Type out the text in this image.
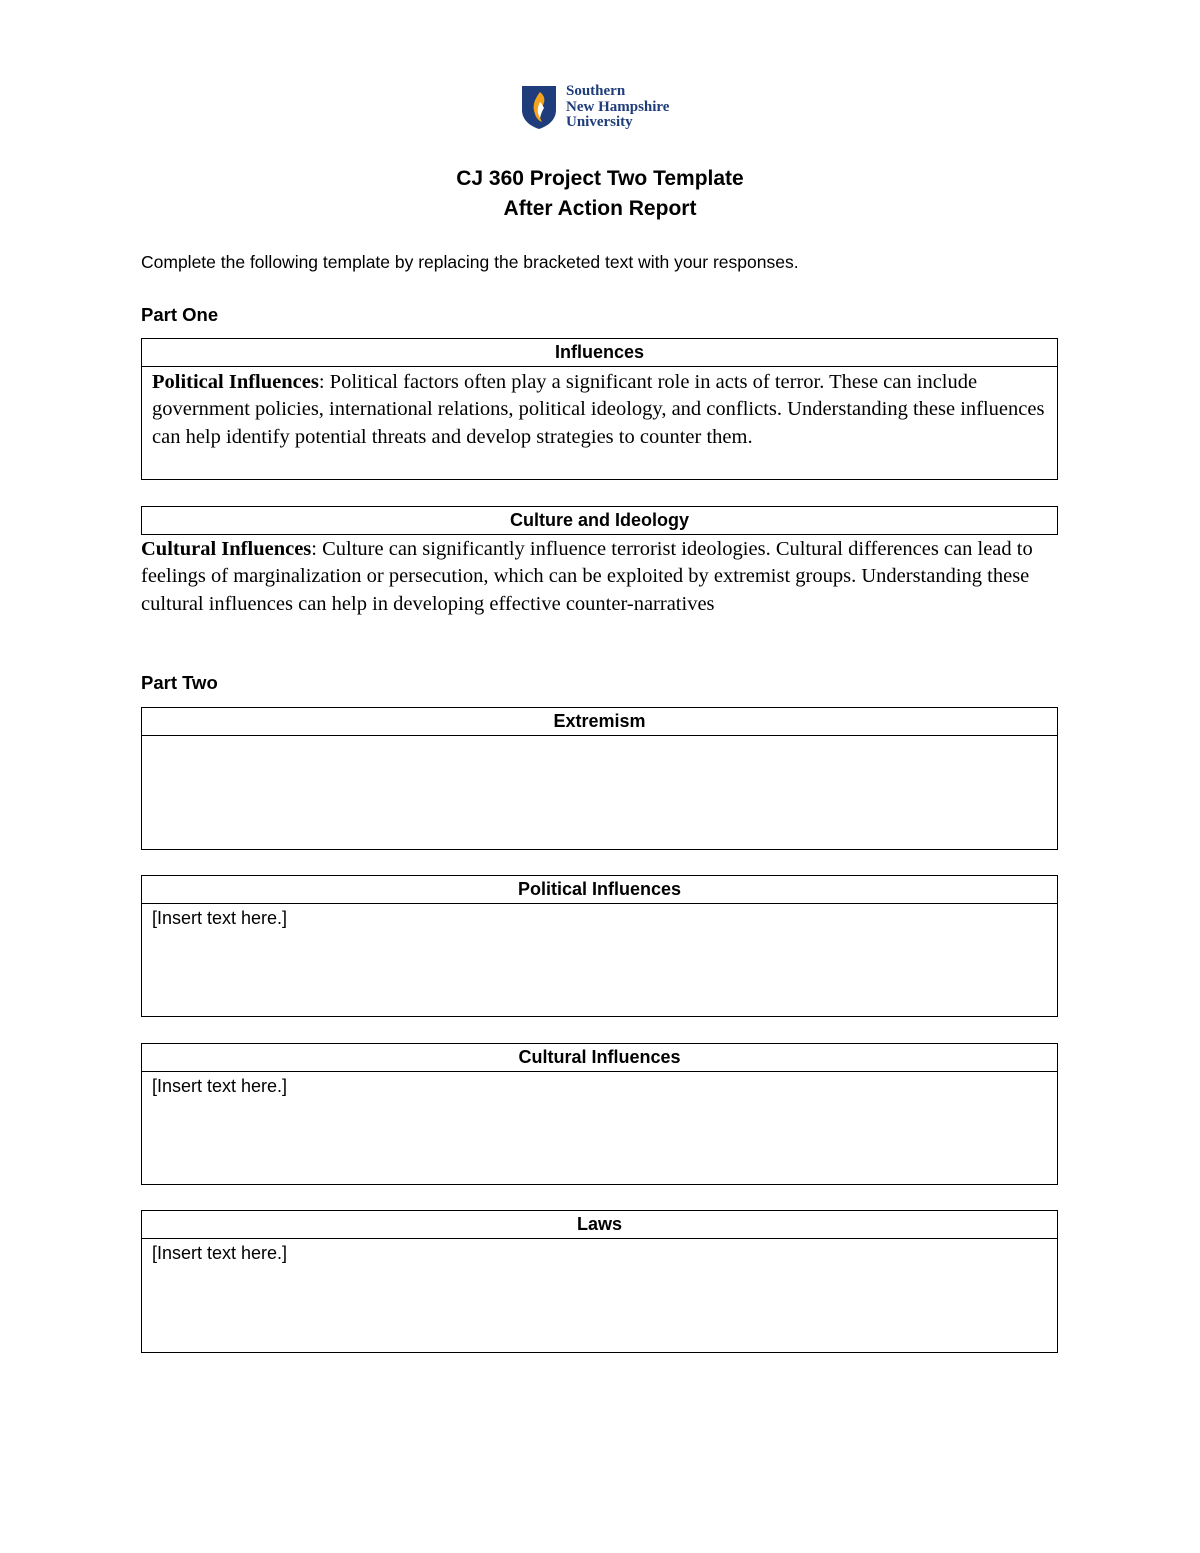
Southern
New Hampshire
University
CJ 360 Project Two Template
After Action Report
Complete the following template by replacing the bracketed text with your responses.
Part One
Influences
Political Influences: Political factors often play a significant role in acts of terror. These can include government policies, international relations, political ideology, and conflicts. Understanding these influences can help identify potential threats and develop strategies to counter them.
Culture and Ideology
Cultural Influences: Culture can significantly influence terrorist ideologies. Cultural differences can lead to feelings of marginalization or persecution, which can be exploited by extremist groups. Understanding these cultural influences can help in developing effective counter-narratives
Part Two
Extremism
Political Influences
[Insert text here.]
Cultural Influences
[Insert text here.]
Laws
[Insert text here.]
